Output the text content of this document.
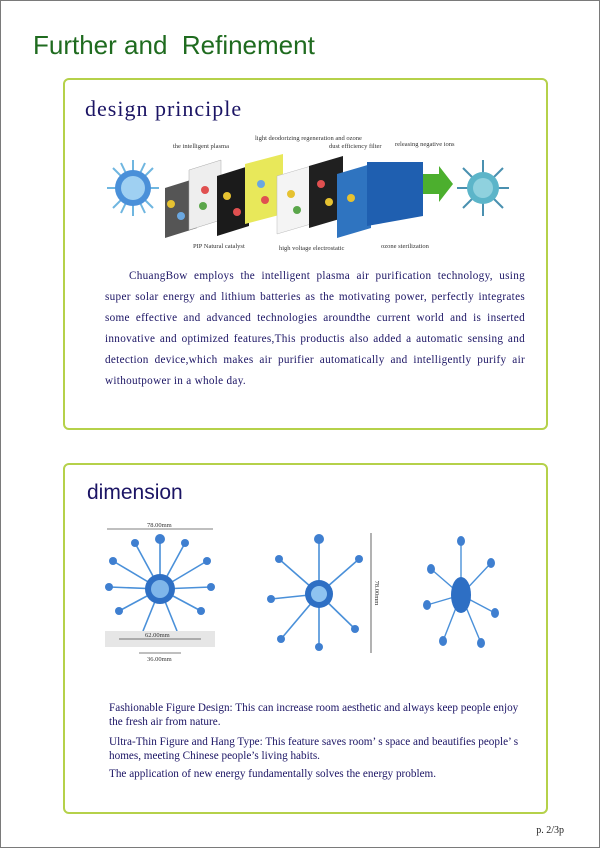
Further and  Refinement
design principle
the intelligent plasma
light deodorizing regeneration and ozone
dust efficiency filter releasing negative ions
PIP Natural catalyst	high voltage electrostatic	ozone sterilization

ChuangBow employs the intelligent plasma air purification technology, using super solar energy and lithium batteries as the motivating power, perfectly integrates some effective and advanced technologies aroundthe current world and is inserted innovative and optimized features,This productis also added a automatic sensing and detection device,which makes air purifier automatically and intelligently purify air withoutpower in a whole day.

dimension
78.00mm
62.00mm
36.00mm
78.00mm
Fashionable Figure Design: This can increase room aesthetic and always keep people enjoy the fresh air from nature.
Ultra-Thin Figure and Hang Type: This feature saves room’ s space and beautifies people’ s homes, meeting Chinese people’s living habits.
The application of new energy fundamentally solves the energy problem.
p. 2/3p
